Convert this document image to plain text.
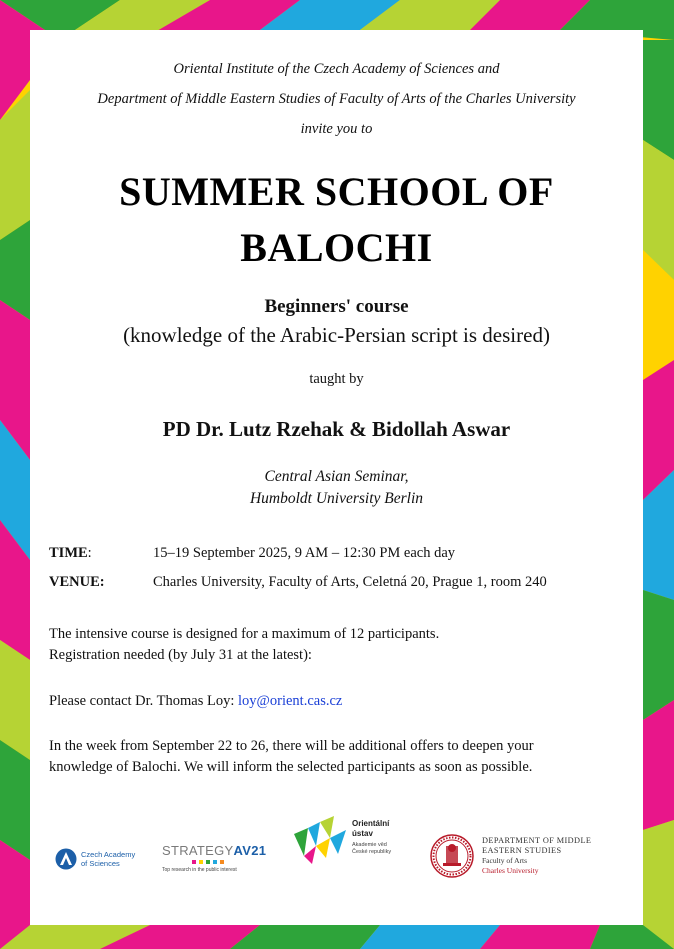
Oriental Institute of the Czech Academy of Sciences and
Department of Middle Eastern Studies of Faculty of Arts of the Charles University
invite you to
SUMMER SCHOOL OF
BALOCHI
Beginners' course
(knowledge of the Arabic-Persian script is desired)
taught by
PD Dr. Lutz Rzehak & Bidollah Aswar
Central Asian Seminar,
Humboldt University Berlin
TIME:	15–19 September 2025, 9 AM – 12:30 PM each day
VENUE:	Charles University, Faculty of Arts, Celetná 20, Prague 1, room 240
The intensive course is designed for a maximum of 12 participants.
Registration needed (by July 31 at the latest):
Please contact Dr. Thomas Loy: loy@orient.cas.cz
In the week from September 22 to 26, there will be additional offers to deepen your
knowledge of Balochi. We will inform the selected participants as soon as possible.
Czech Academy
of Sciences
STRATEGYAV21
Top research in the public interest
Orientální
ústav
Akademie věd
České republiky
DEPARTMENT OF MIDDLE
EASTERN STUDIES
Faculty of Arts
Charles University
